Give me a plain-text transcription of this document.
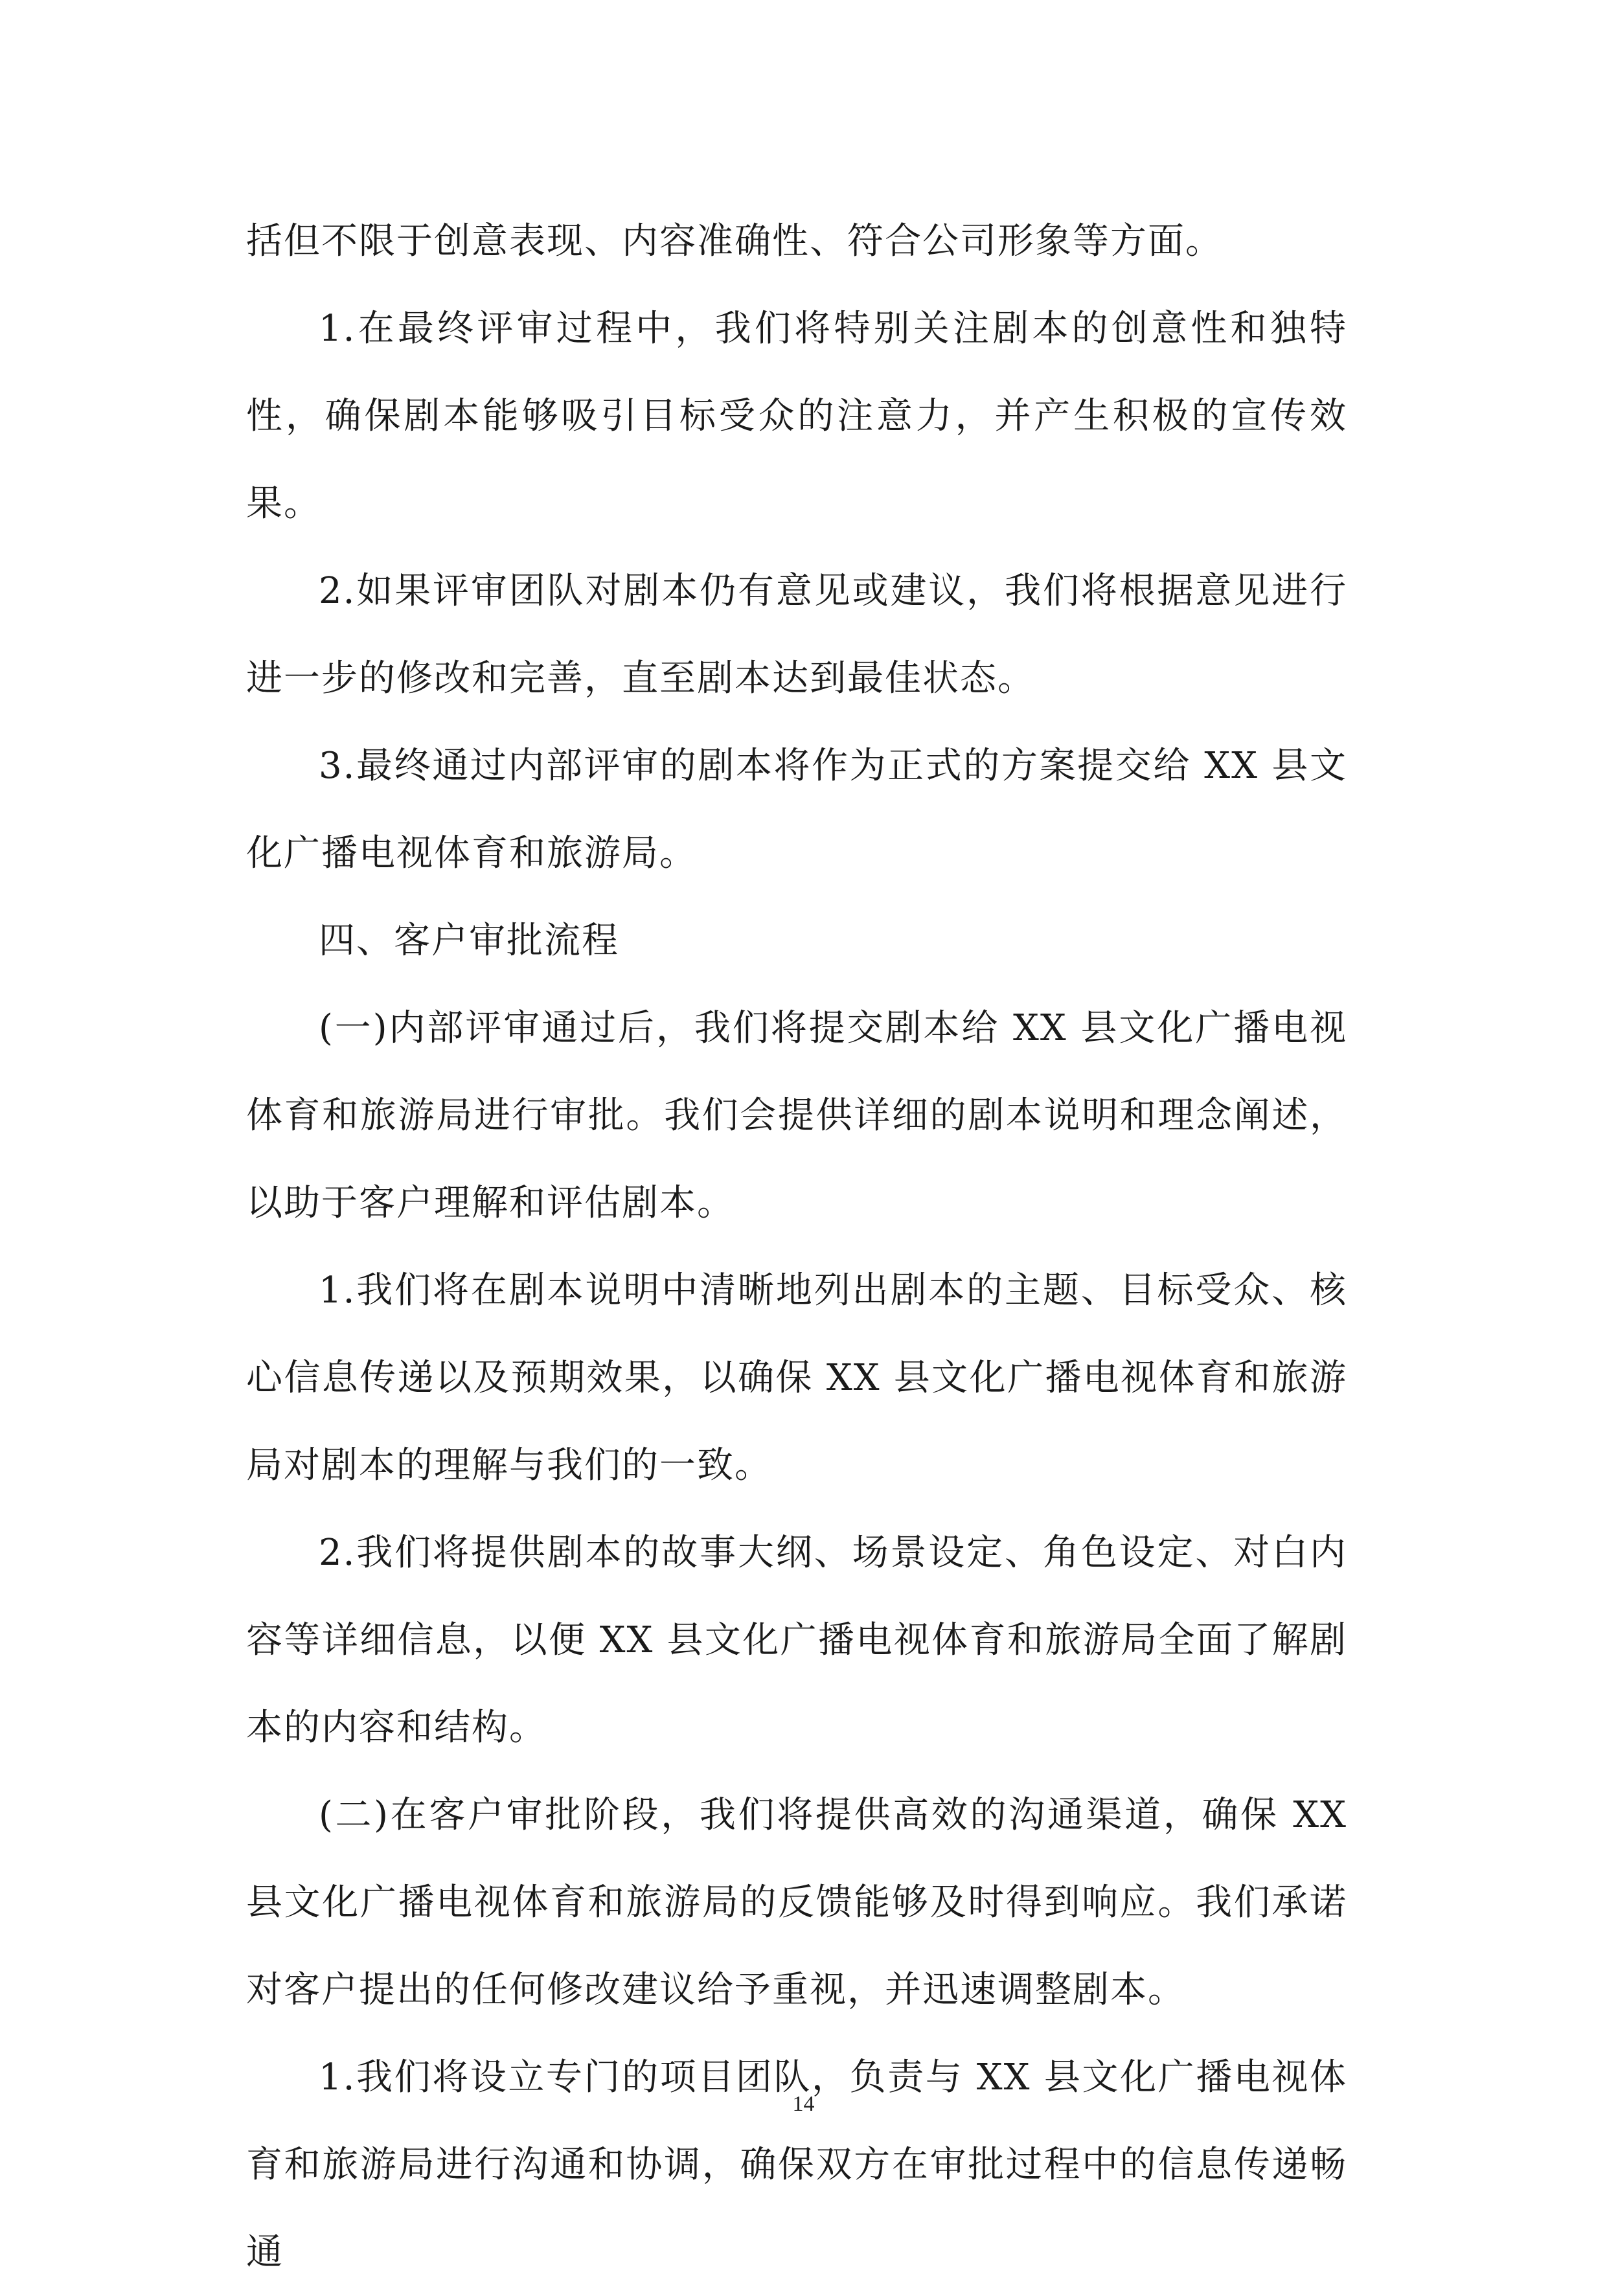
括但不限于创意表现、内容准确性、符合公司形象等方面。

1.在最终评审过程中，我们将特别关注剧本的创意性和独特性，确保剧本能够吸引目标受众的注意力，并产生积极的宣传效果。

2.如果评审团队对剧本仍有意见或建议，我们将根据意见进行进一步的修改和完善，直至剧本达到最佳状态。

3.最终通过内部评审的剧本将作为正式的方案提交给 XX 县文化广播电视体育和旅游局。

四、客户审批流程

(一)内部评审通过后，我们将提交剧本给 XX 县文化广播电视体育和旅游局进行审批。我们会提供详细的剧本说明和理念阐述，以助于客户理解和评估剧本。

1.我们将在剧本说明中清晰地列出剧本的主题、目标受众、核心信息传递以及预期效果，以确保 XX 县文化广播电视体育和旅游局对剧本的理解与我们的一致。

2.我们将提供剧本的故事大纲、场景设定、角色设定、对白内容等详细信息，以便 XX 县文化广播电视体育和旅游局全面了解剧本的内容和结构。

(二)在客户审批阶段，我们将提供高效的沟通渠道，确保 XX 县文化广播电视体育和旅游局的反馈能够及时得到响应。我们承诺对客户提出的任何修改建议给予重视，并迅速调整剧本。

1.我们将设立专门的项目团队，负责与 XX 县文化广播电视体育和旅游局进行沟通和协调，确保双方在审批过程中的信息传递畅通

14
